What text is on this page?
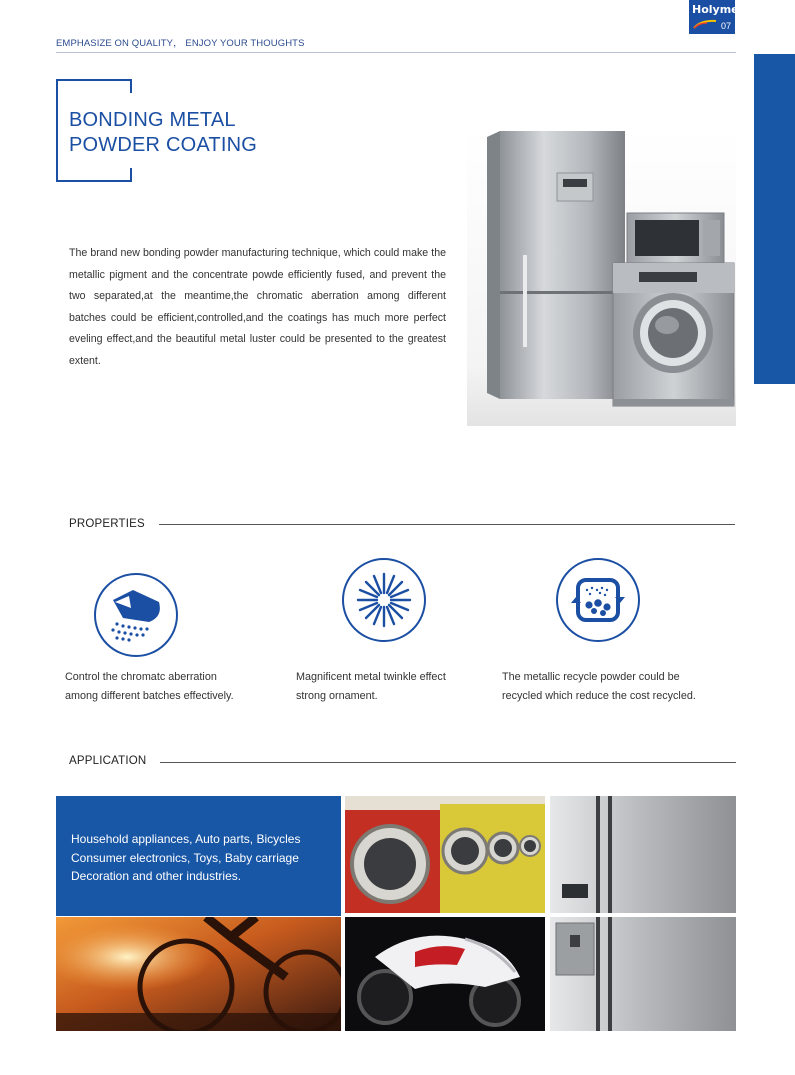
Holyme
07
EMPHASIZE ON QUALITY， ENJOY YOUR THOUGHTS
BONDING METAL
POWDER COATING

The brand new bonding powder manufacturing technique, which could make the metallic pigment and the concentrate powde efficiently fused, and prevent the two separated,at the meantime,the chromatic aberration among different batches could be efficient,controlled,and the coatings has much more perfect eveling effect,and the beautiful metal luster could be presented to the greatest extent.

PROPERTIES
Control the chromatc aberration
among different batches effectively.
Magnificent metal twinkle effect
strong ornament.
The metallic recycle powder could be
recycled which reduce the cost recycled.
APPLICATION
Household appliances, Auto parts, Bicycles
Consumer electronics, Toys, Baby carriage
Decoration and other industries.
